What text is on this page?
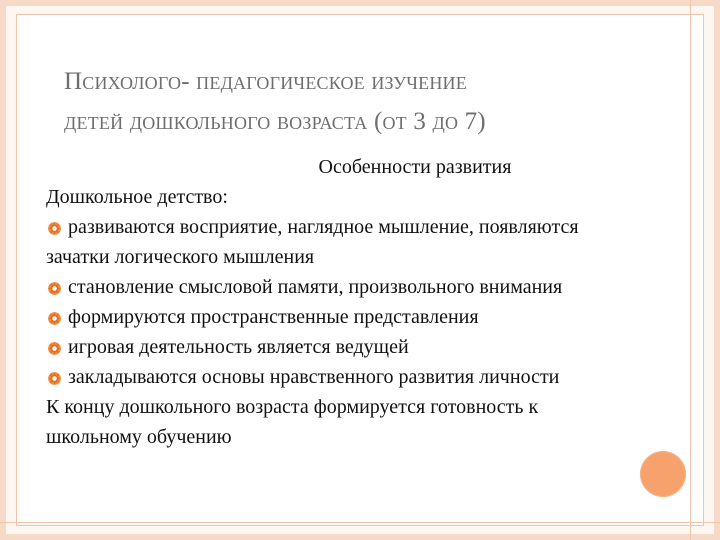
Психолого- педагогическое изучение
детей дошкольного возраста (от 3 до 7)
Особенности развития
Дошкольное детство:
развиваются восприятие, наглядное мышление, появляются
зачатки логического мышления
становление смысловой памяти, произвольного внимания
формируются пространственные представления
игровая деятельность является ведущей
закладываются основы нравственного развития личности
К концу дошкольного возраста формируется готовность к
школьному обучению
